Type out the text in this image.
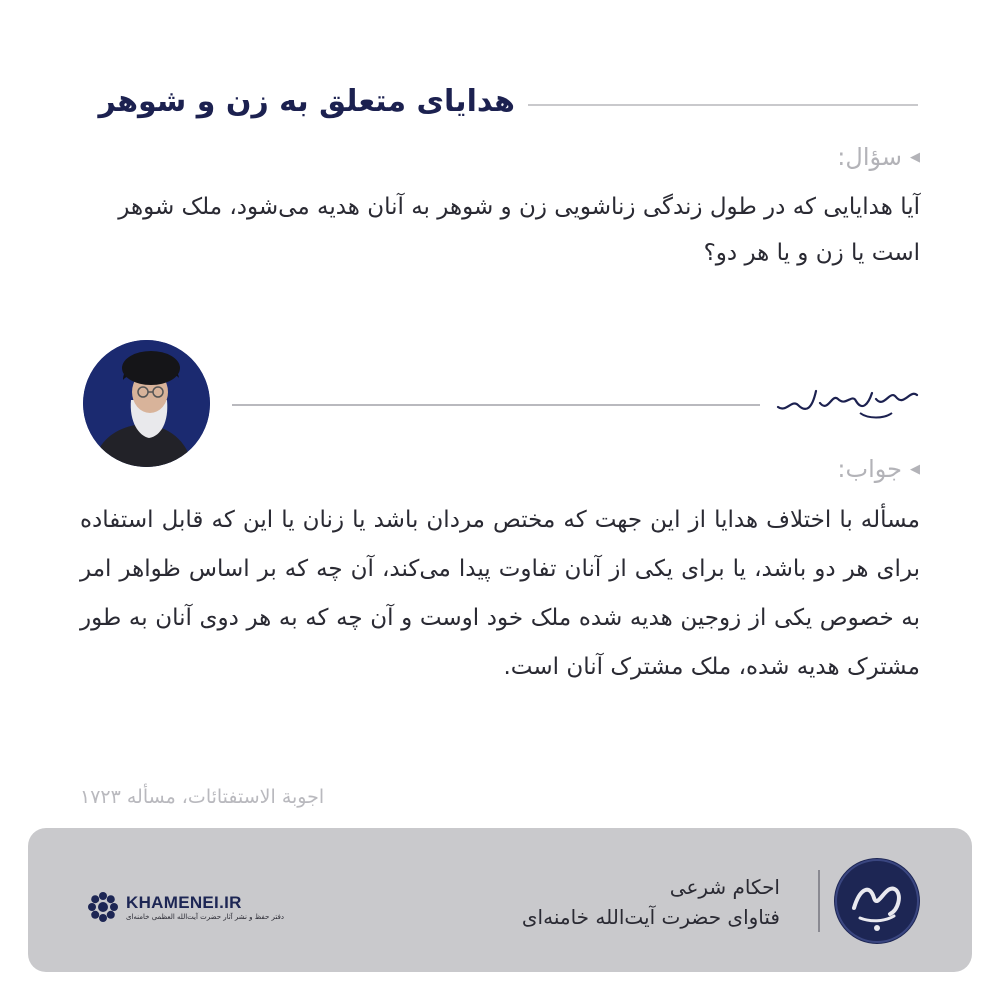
هدایای متعلق به زن و شوهر
◀
سؤال:

آیا هدایایی که در طول زندگی زناشویی زن و شوهر به آنان هدیه می‌شود، ملک شوهر است یا زن و یا هر دو؟

◀
جواب:

مسأله با اختلاف هدایا از این جهت که مختص مردان باشد یا زنان یا این که قابل استفاده برای هر دو باشد، یا برای یکی از آنان تفاوت پیدا می‌کند، آن چه که بر اساس ظواهر امر به خصوص یکی از زوجین هدیه شده ملک خود اوست و آن چه که به هر دوی آنان به طور مشترک هدیه شده، ملک مشترک آنان است.

اجوبة الاستفتائات، مسأله ۱۷۲۳

احکام شرعی
فتاوای حضرت آیت‌الله خامنه‌ای
KHAMENEI.IR
دفتر حفظ و نشر آثار حضرت آیت‌الله العظمی خامنه‌ای
